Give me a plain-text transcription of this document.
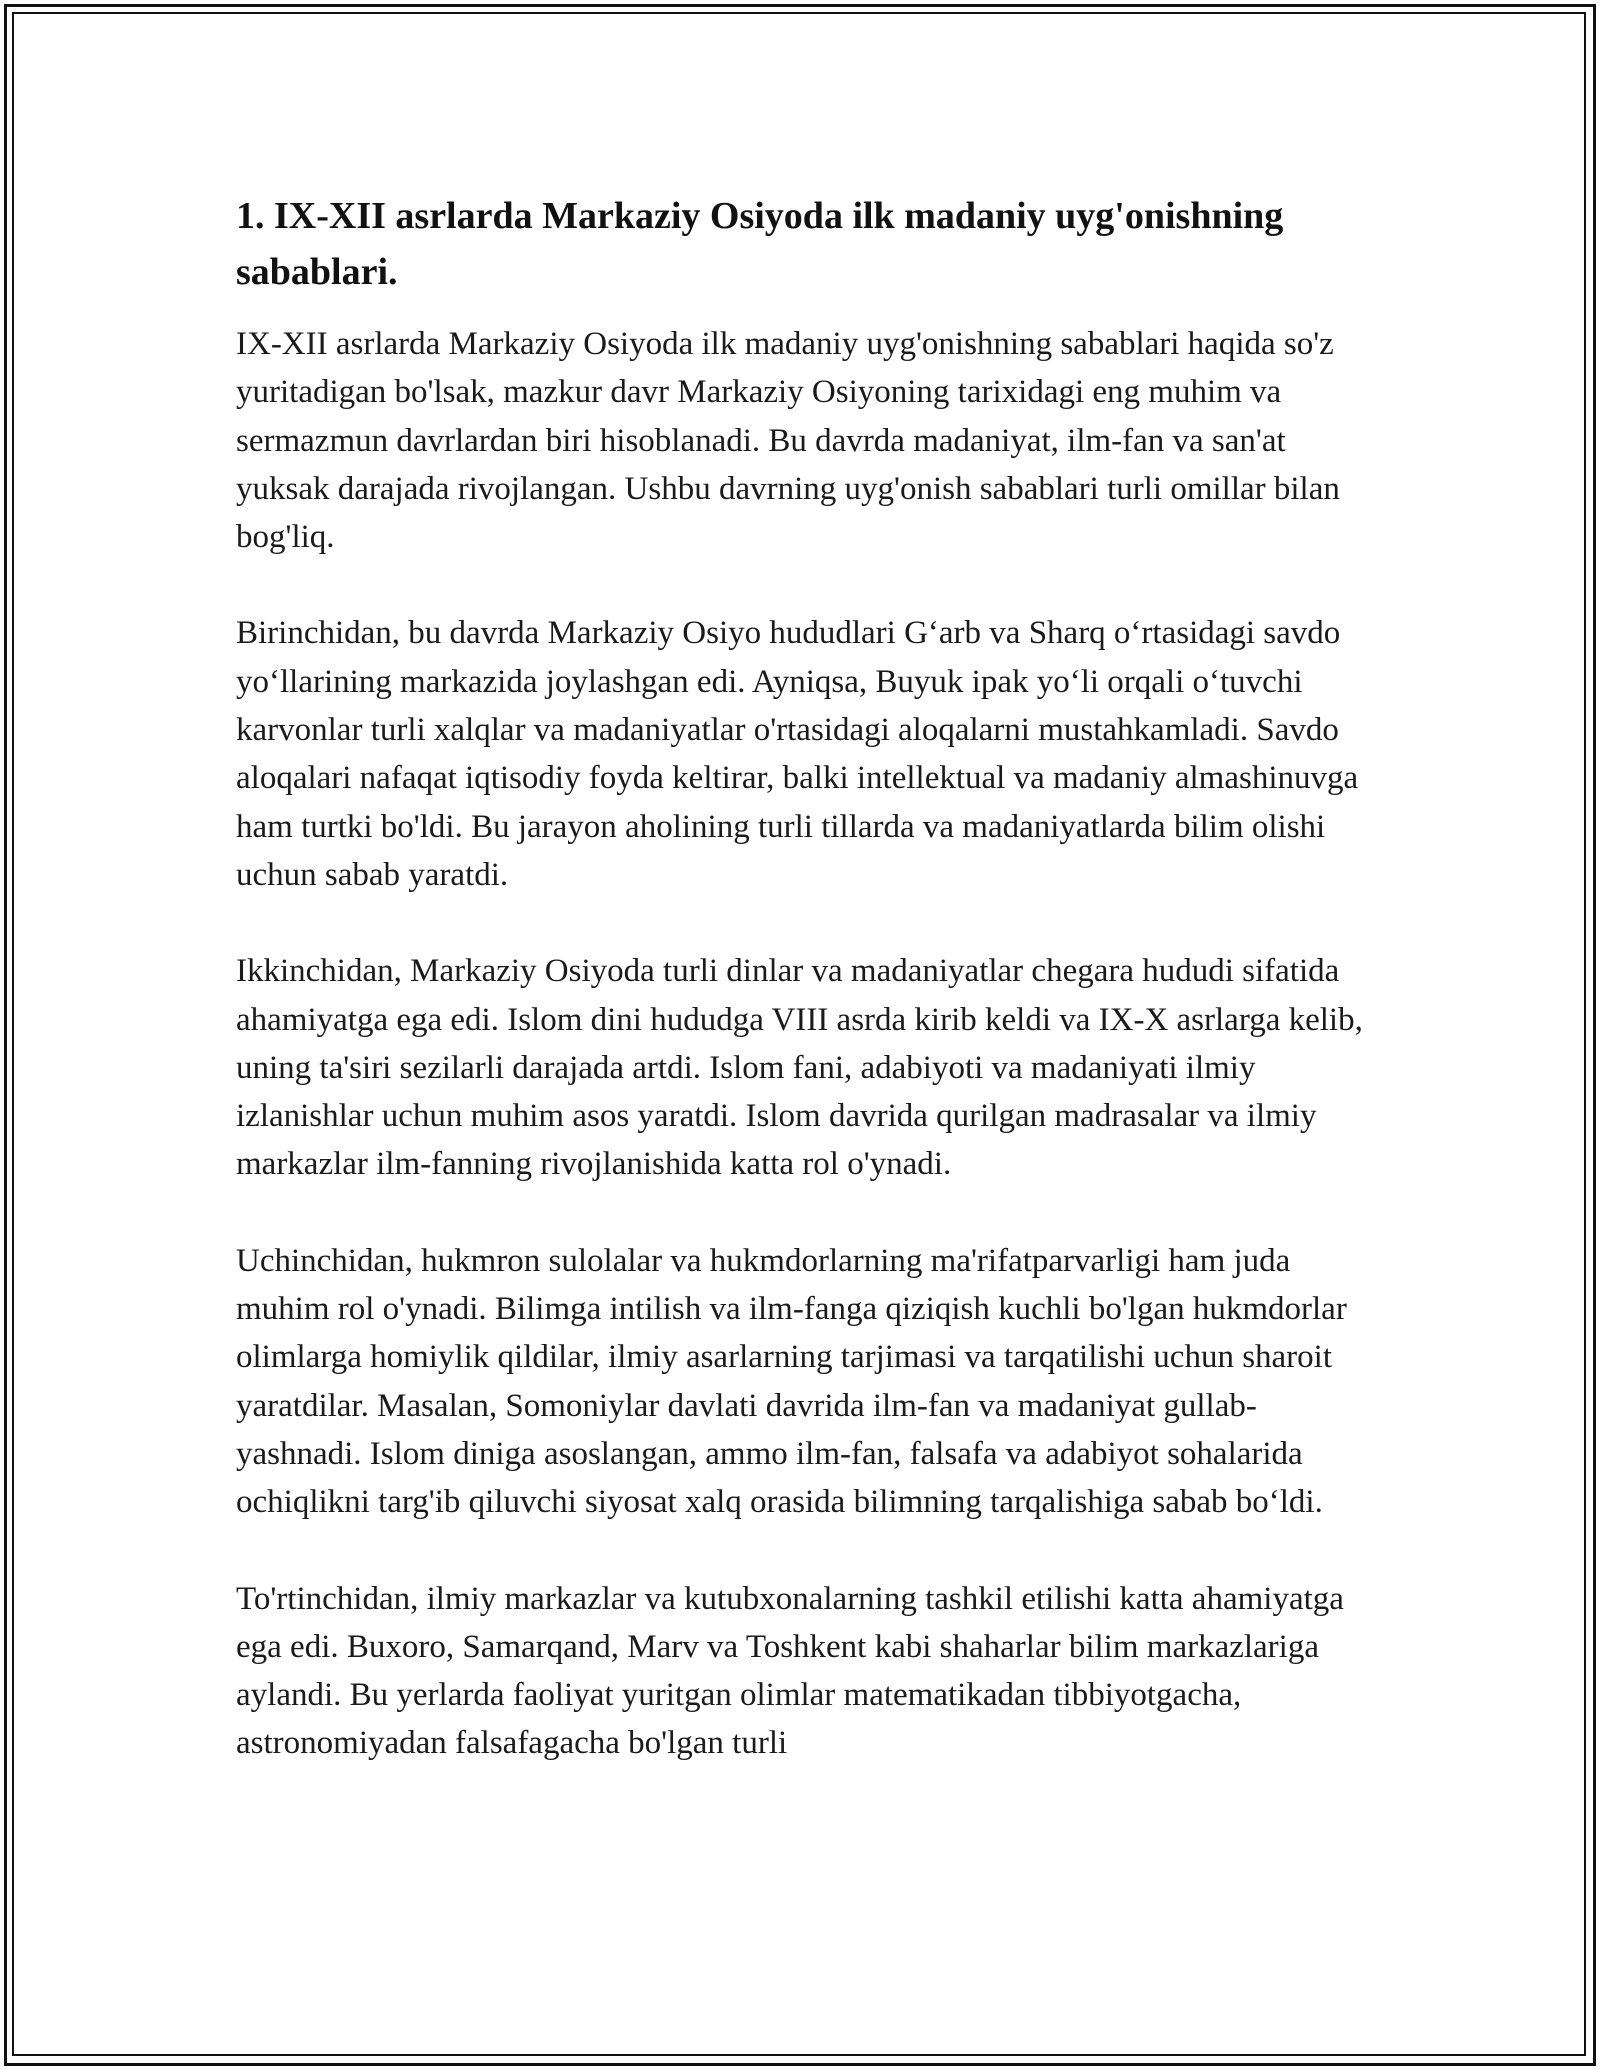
1. IX-XII asrlarda Markaziy Osiyoda ilk madaniy uyg'onishning sabablari.

IX-XII asrlarda Markaziy Osiyoda ilk madaniy uyg'onishning sabablari haqida so'z yuritadigan bo'lsak, mazkur davr Markaziy Osiyoning tarixidagi eng muhim va sermazmun davrlardan biri hisoblanadi. Bu davrda madaniyat, ilm-fan va san'at yuksak darajada rivojlangan. Ushbu davrning uyg'onish sabablari turli omillar bilan bog'liq.

Birinchidan, bu davrda Markaziy Osiyo hududlari G‘arb va Sharq o‘rtasidagi savdo yo‘llarining markazida joylashgan edi. Ayniqsa, Buyuk ipak yo‘li orqali o‘tuvchi karvonlar turli xalqlar va madaniyatlar o'rtasidagi aloqalarni mustahkamladi. Savdo aloqalari nafaqat iqtisodiy foyda keltirar, balki intellektual va madaniy almashinuvga ham turtki bo'ldi. Bu jarayon aholining turli tillarda va madaniyatlarda bilim olishi uchun sabab yaratdi.

Ikkinchidan, Markaziy Osiyoda turli dinlar va madaniyatlar chegara hududi sifatida ahamiyatga ega edi. Islom dini hududga VIII asrda kirib keldi va IX-X asrlarga kelib, uning ta'siri sezilarli darajada artdi. Islom fani, adabiyoti va madaniyati ilmiy izlanishlar uchun muhim asos yaratdi. Islom davrida qurilgan madrasalar va ilmiy markazlar ilm-fanning rivojlanishida katta rol o'ynadi.

Uchinchidan, hukmron sulolalar va hukmdorlarning ma'rifatparvarligi ham juda muhim rol o'ynadi. Bilimga intilish va ilm-fanga qiziqish kuchli bo'lgan hukmdorlar olimlarga homiylik qildilar, ilmiy asarlarning tarjimasi va tarqatilishi uchun sharoit yaratdilar. Masalan, Somoniylar davlati davrida ilm-fan va madaniyat gullab-yashnadi. Islom diniga asoslangan, ammo ilm-fan, falsafa va adabiyot sohalarida ochiqlikni targ'ib qiluvchi siyosat xalq orasida bilimning tarqalishiga sabab bo‘ldi.

To'rtinchidan, ilmiy markazlar va kutubxonalarning tashkil etilishi katta ahamiyatga ega edi. Buxoro, Samarqand, Marv va Toshkent kabi shaharlar bilim markazlariga aylandi. Bu yerlarda faoliyat yuritgan olimlar matematikadan tibbiyotgacha, astronomiyadan falsafagacha bo'lgan turli
